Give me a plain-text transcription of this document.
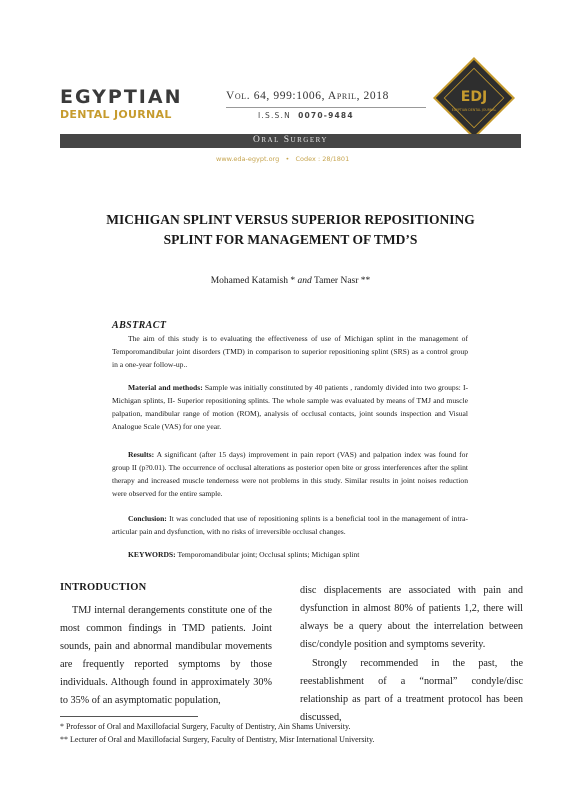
EGYPTIAN
DENTAL JOURNAL
Vol. 64, 999:1006, April, 2018
I.S.S.N 0070-9484
EDJ
EGYPTIAN DENTAL JOURNAL
Oral Surgery
www.eda-egypt.org • Codex : 28/1801
MICHIGAN SPLINT VERSUS SUPERIOR REPOSITIONING
SPLINT FOR MANAGEMENT OF TMD’S
Mohamed Katamish * and Tamer Nasr **
ABSTRACT
The aim of this study is to evaluating the effectiveness of use of Michigan splint in the management of Temporomandibular joint disorders (TMD) in comparison to superior repositioning splint (SRS) as a control group in a one-year follow-up..
Material and methods: Sample was initially constituted by 40 patients , randomly divided into two groups: I- Michigan splints, II- Superior repositioning splints. The whole sample was evaluated by means of TMJ and muscle palpation, mandibular range of motion (ROM), analysis of occlusal contacts, joint sounds inspection and Visual Analogue Scale (VAS) for one year.
Results: A significant (after 15 days) improvement in pain report (VAS) and palpation index was found for group II (p?0.01). The occurrence of occlusal alterations as posterior open bite or gross interferences after the splint therapy and increased muscle tenderness were not problems in this study. Similar results in joint noises reduction were observed for the entire sample.
Conclusion: It was concluded that use of repositioning splints is a beneficial tool in the management of intra-articular pain and dysfunction, with no risks of irreversible occlusal changes.
KEYWORDS: Temporomandibular joint; Occlusal splints; Michigan splint
INTRODUCTION
TMJ internal derangements constitute one of the most common findings in TMD patients. Joint sounds, pain and abnormal mandibular movements are frequently reported symptoms by those individuals. Although found in approximately 30% to 35% of an asymptomatic population,
disc displacements are associated with pain and dysfunction in almost 80% of patients 1,2, there will always be a query about the interrelation between disc/condyle position and symptoms severity.
Strongly recommended in the past, the reestablishment of a “normal” condyle/disc relationship as part of a treatment protocol has been discussed,
* Professor of Oral and Maxillofacial Surgery, Faculty of Dentistry, Ain Shams University.
** Lecturer of Oral and Maxillofacial Surgery, Faculty of Dentistry, Misr International University.
